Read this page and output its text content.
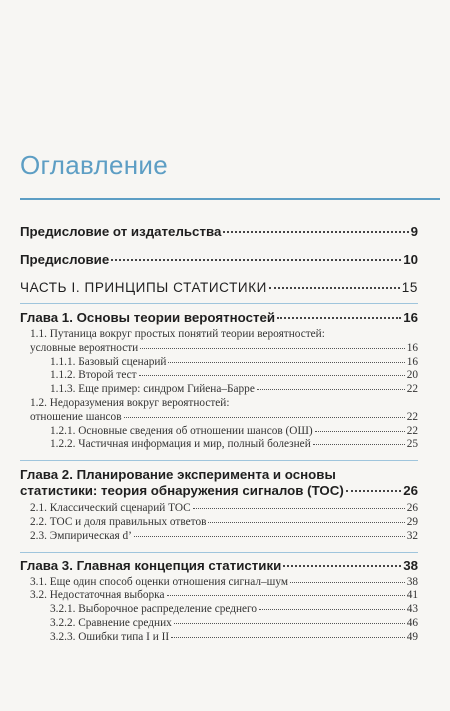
Оглавление
Предисловие от издательства	9
Предисловие	10
ЧАСТЬ I. ПРИНЦИПЫ СТАТИСТИКИ	15
Глава 1. Основы теории вероятностей	16
1.1. Путаница вокруг простых понятий теории вероятностей:
условные вероятности	16
1.1.1. Базовый сценарий	16
1.1.2. Второй тест	20
1.1.3. Еще пример: синдром Гийена–Барре	22
1.2. Недоразумения вокруг вероятностей:
отношение шансов	22
1.2.1. Основные сведения об отношении шансов (ОШ)	22
1.2.2. Частичная информация и мир, полный болезней	25
Глава 2. Планирование эксперимента и основы
статистики: теория обнаружения сигналов (ТОС)	26
2.1. Классический сценарий ТОС	26
2.2. ТОС и доля правильных ответов	29
2.3. Эмпирическая d’	32
Глава 3. Главная концепция статистики	38
3.1. Еще один способ оценки отношения сигнал–шум	38
3.2. Недостаточная выборка	41
3.2.1. Выборочное распределение среднего	43
3.2.2. Сравнение средних	46
3.2.3. Ошибки типа I и II	49
